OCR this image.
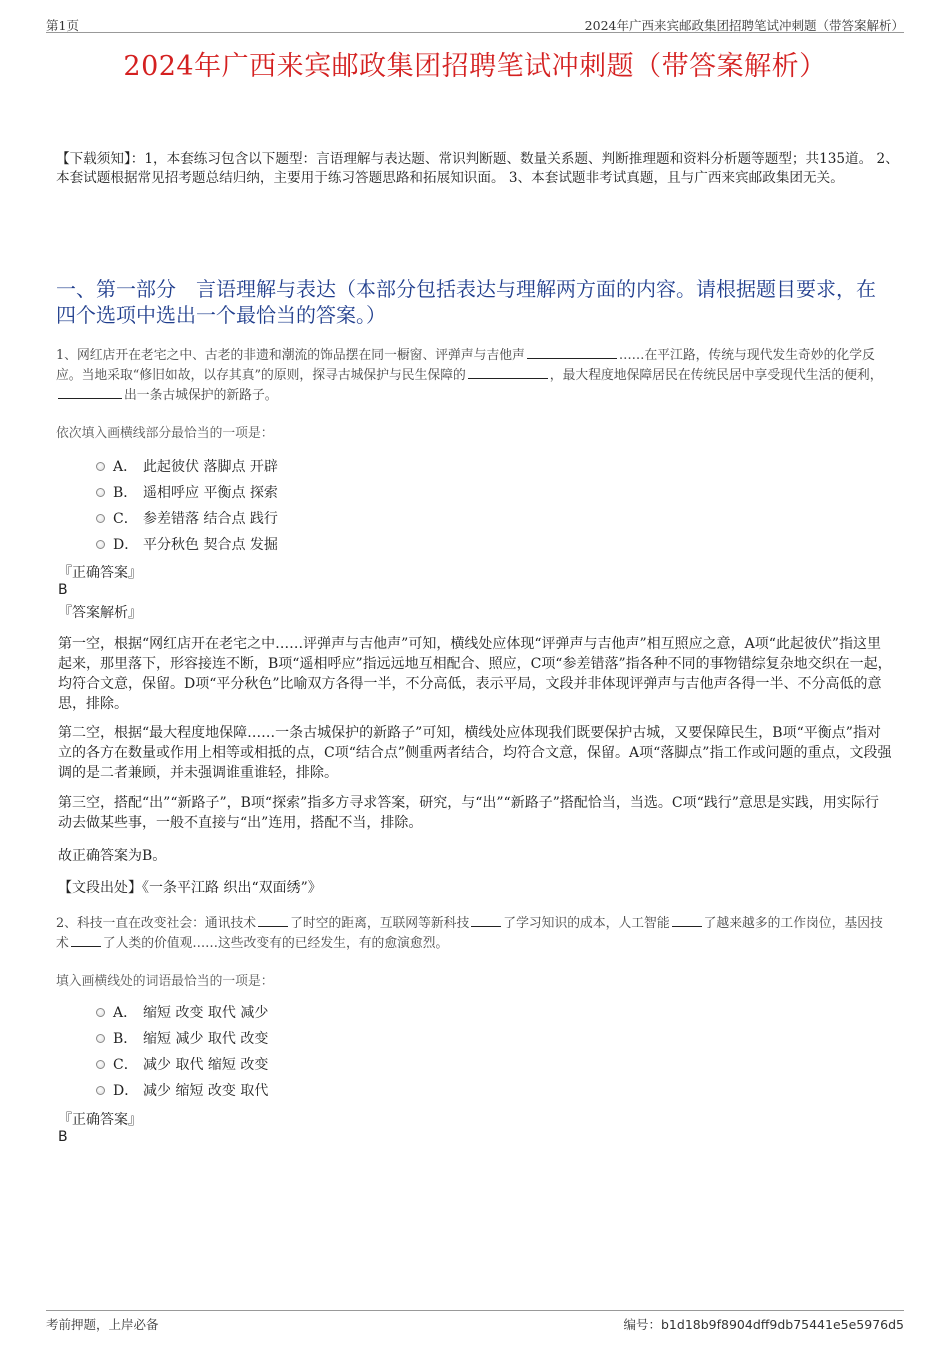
第1页	2024年广西来宾邮政集团招聘笔试冲刺题（带答案解析）
2024年广西来宾邮政集团招聘笔试冲刺题（带答案解析）
【下载须知】：1，本套练习包含以下题型：言语理解与表达题、常识判断题、数量关系题、判断推理题和资料分析题等题型；共135道。 2、本套试题根据常见招考题总结归纳，主要用于练习答题思路和拓展知识面。 3、本套试题非考试真题，且与广西来宾邮政集团无关。
一、第一部分　言语理解与表达（本部分包括表达与理解两方面的内容。请根据题目要求，在四个选项中选出一个最恰当的答案。）
1、网红店开在老宅之中、古老的非遗和潮流的饰品摆在同一橱窗、评弹声与吉他声	……在平江路，传统与现代发生奇妙的化学反应。当地采取“修旧如故，以存其真”的原则，探寻古城保护与民生保障的	，最大程度地保障居民在传统民居中享受现代生活的便利，出一条古城保护的新路子。
依次填入画横线部分最恰当的一项是：
A． 此起彼伏 落脚点 开辟
B． 遥相呼应 平衡点 探索
C． 参差错落 结合点 践行
D． 平分秋色 契合点 发掘
『正确答案』
B
『答案解析』
第一空，根据“网红店开在老宅之中……评弹声与吉他声”可知，横线处应体现“评弹声与吉他声”相互照应之意，A项“此起彼伏”指这里起来，那里落下，形容接连不断，B项“遥相呼应”指远远地互相配合、照应，C项“参差错落”指各种不同的事物错综复杂地交织在一起，均符合文意，保留。D项“平分秋色”比喻双方各得一半，不分高低，表示平局，文段并非体现评弹声与吉他声各得一半、不分高低的意思，排除。
第二空，根据“最大程度地保障……一条古城保护的新路子”可知，横线处应体现我们既要保护古城，又要保障民生，B项“平衡点”指对立的各方在数量或作用上相等或相抵的点，C项“结合点”侧重两者结合，均符合文意，保留。A项“落脚点”指工作或问题的重点，文段强调的是二者兼顾，并未强调谁重谁轻，排除。
第三空，搭配“出”“新路子”，B项“探索”指多方寻求答案，研究，与“出”“新路子”搭配恰当，当选。C项“践行”意思是实践，用实际行动去做某些事，一般不直接与“出”连用，搭配不当，排除。
故正确答案为B。
【文段出处】《一条平江路 织出“双面绣”》
2、科技一直在改变社会：通讯技术	了时空的距离，互联网等新科技	了学习知识的成本，人工智能	了越来越多的工作岗位，基因技术	了人类的价值观……这些改变有的已经发生，有的愈演愈烈。
填入画横线处的词语最恰当的一项是：
A． 缩短 改变 取代 减少
B． 缩短 减少 取代 改变
C． 减少 取代 缩短 改变
D． 减少 缩短 改变 取代
『正确答案』
B
考前押题，上岸必备	编号：b1d18b9f8904dff9db75441e5e5976d5
